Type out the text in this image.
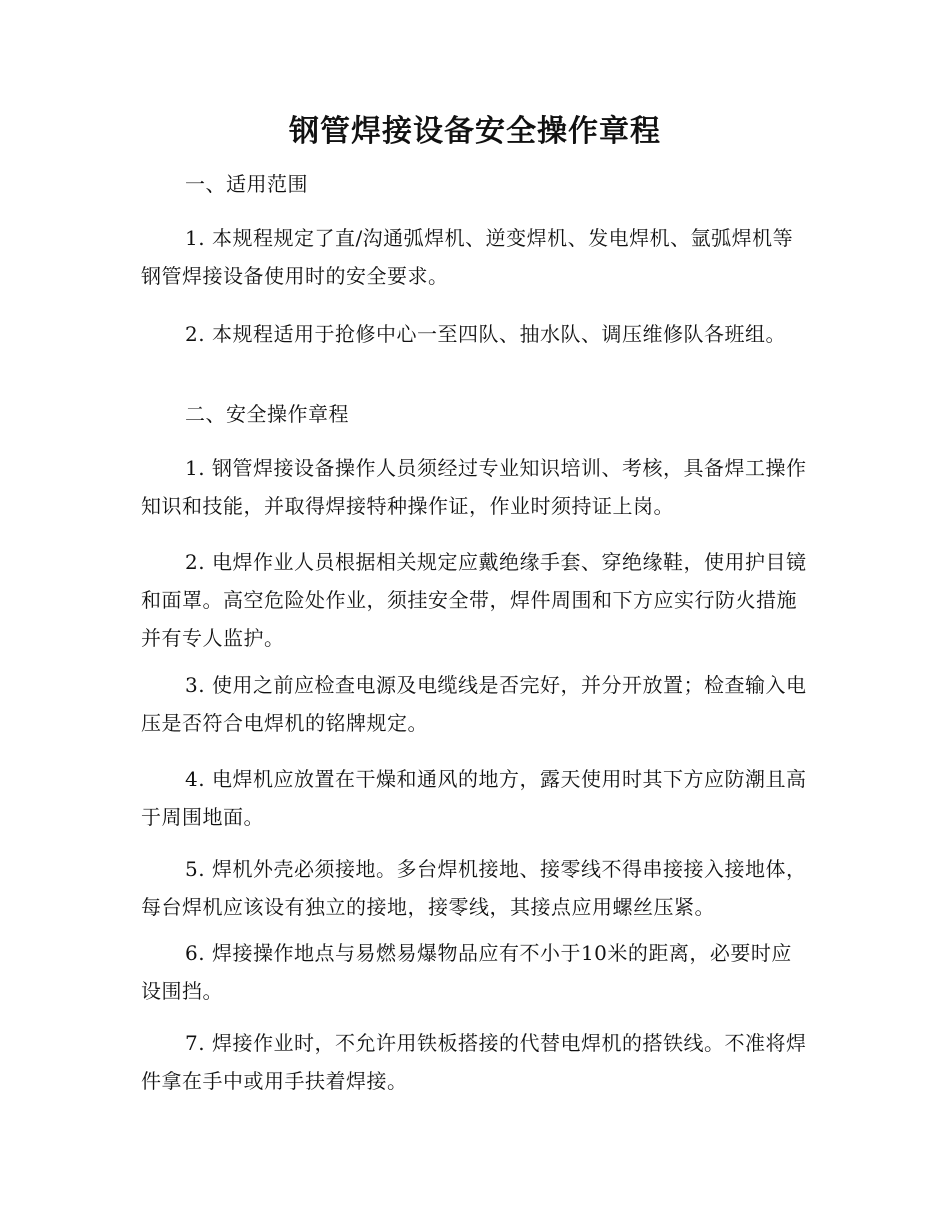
钢管焊接设备安全操作章程

一、适用范围

1. 本规程规定了直/沟通弧焊机、逆变焊机、发电焊机、氩弧焊机等钢管焊接设备使用时的安全要求。

2. 本规程适用于抢修中心一至四队、抽水队、调压维修队各班组。

二、安全操作章程

1. 钢管焊接设备操作人员须经过专业知识培训、考核，具备焊工操作知识和技能，并取得焊接特种操作证，作业时须持证上岗。

2. 电焊作业人员根据相关规定应戴绝缘手套、穿绝缘鞋，使用护目镜和面罩。高空危险处作业，须挂安全带，焊件周围和下方应实行防火措施并有专人监护。

3. 使用之前应检查电源及电缆线是否完好，并分开放置；检查输入电压是否符合电焊机的铭牌规定。

4. 电焊机应放置在干燥和通风的地方，露天使用时其下方应防潮且高于周围地面。

5. 焊机外壳必须接地。多台焊机接地、接零线不得串接接入接地体，每台焊机应该设有独立的接地，接零线，其接点应用螺丝压紧。

6. 焊接操作地点与易燃易爆物品应有不小于10米的距离，必要时应设围挡。

7. 焊接作业时，不允许用铁板搭接的代替电焊机的搭铁线。不准将焊件拿在手中或用手扶着焊接。
